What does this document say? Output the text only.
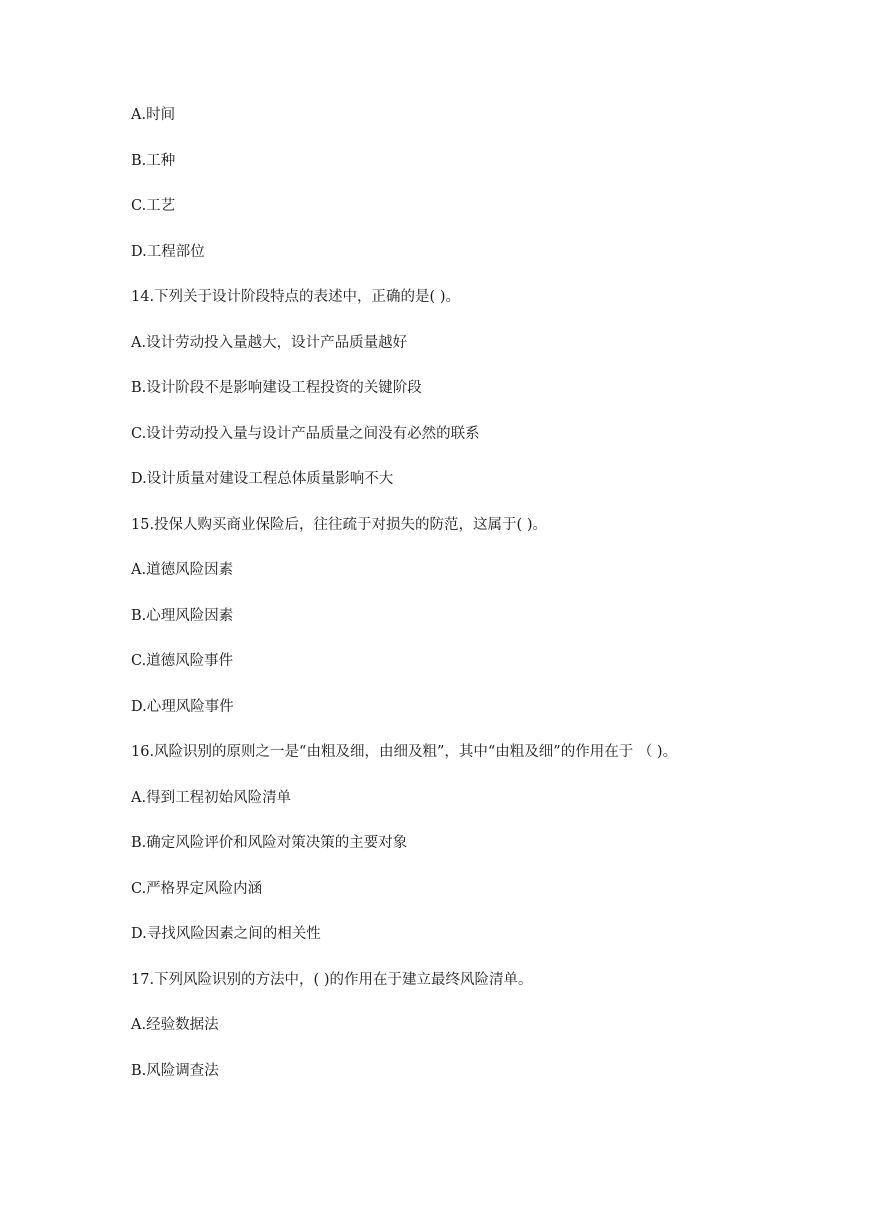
A.时间
B.工种
C.工艺
D.工程部位
14.下列关于设计阶段特点的表述中，正确的是( )。
A.设计劳动投入量越大，设计产品质量越好
B.设计阶段不是影响建设工程投资的关键阶段
C.设计劳动投入量与设计产品质量之间没有必然的联系
D.设计质量对建设工程总体质量影响不大
15.投保人购买商业保险后，往往疏于对损失的防范，这属于( )。
A.道德风险因素
B.心理风险因素
C.道德风险事件
D.心理风险事件
16.风险识别的原则之一是“由粗及细，由细及粗”，其中“由粗及细”的作用在于 （ )。
A.得到工程初始风险清单
B.确定风险评价和风险对策决策的主要对象
C.严格界定风险内涵
D.寻找风险因素之间的相关性
17.下列风险识别的方法中，( )的作用在于建立最终风险清单。
A.经验数据法
B.风险调查法
